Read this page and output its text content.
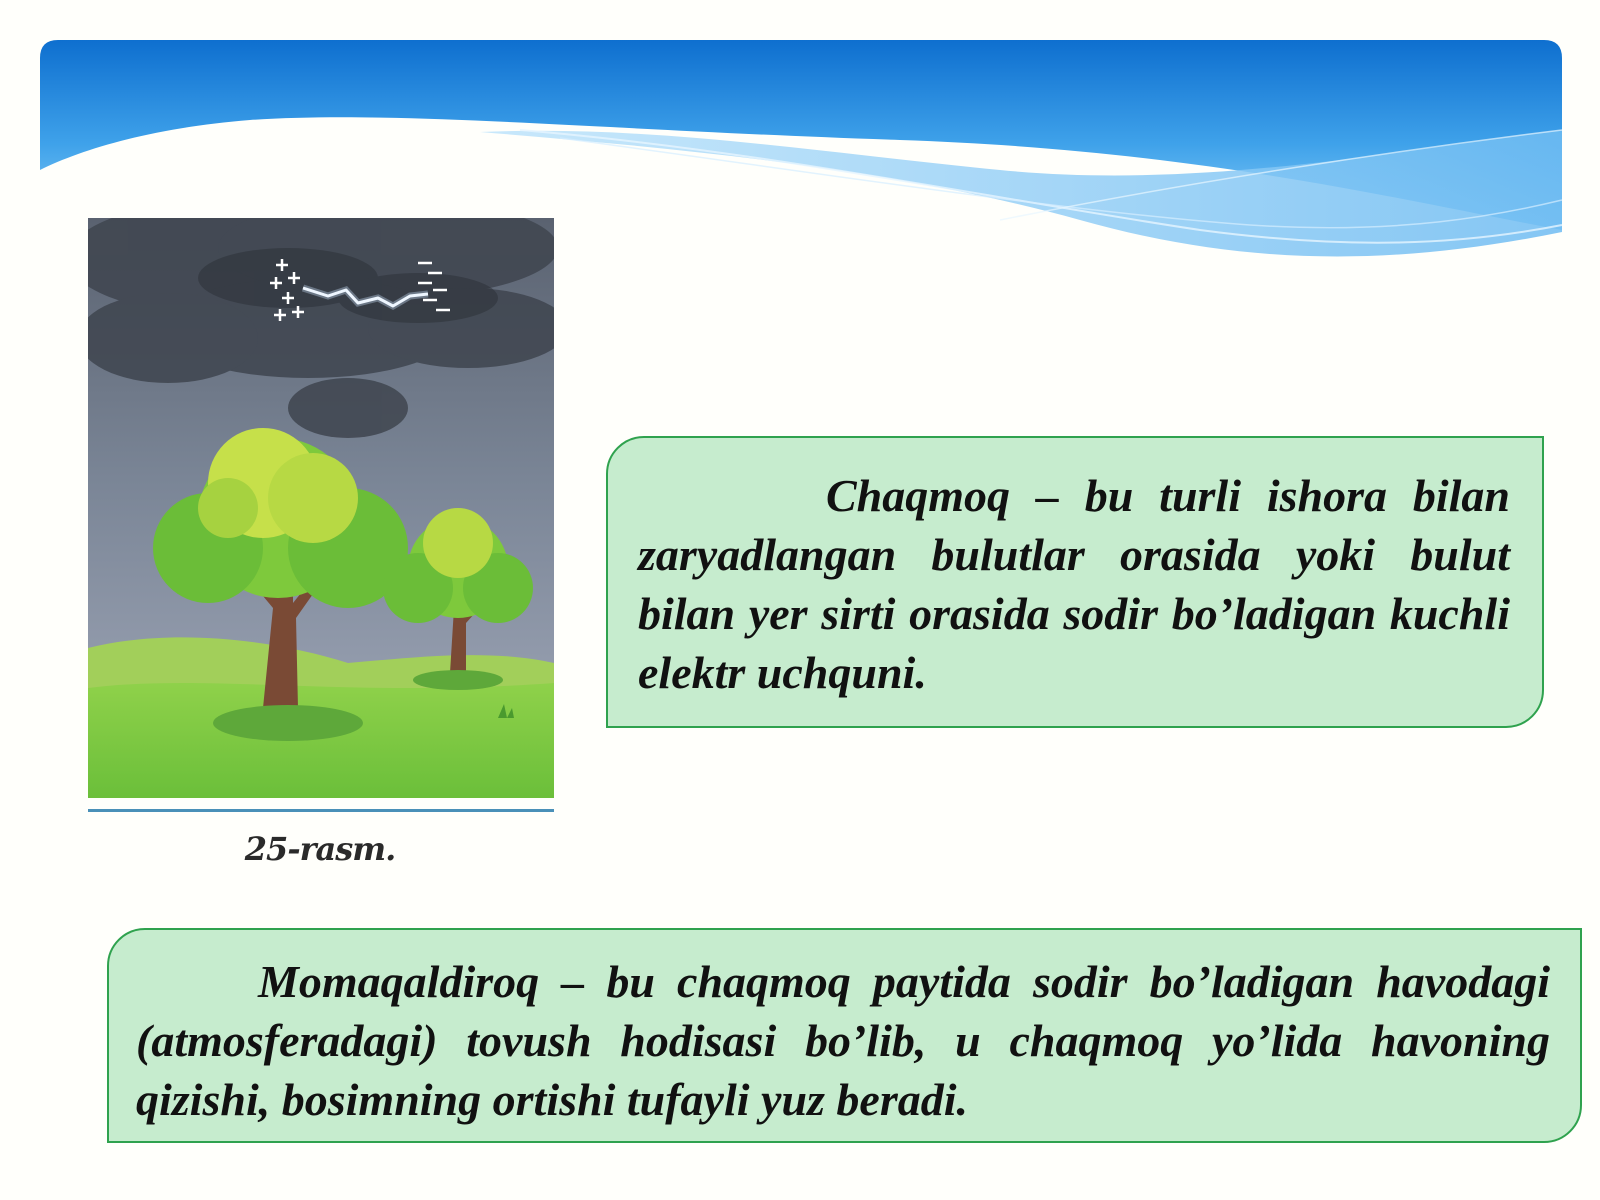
25-rasm.
Chaqmoq – bu turli ishora bilan zaryadlangan bulutlar orasida yoki bulut bilan yer sirti orasida sodir bo’ladigan kuchli elektr uchquni.
Momaqaldiroq – bu chaqmoq paytida sodir bo’ladigan havodagi (atmosferadagi) tovush hodisasi bo’lib, u chaqmoq yo’lida havoning qizishi, bosimning ortishi tufayli yuz beradi.
